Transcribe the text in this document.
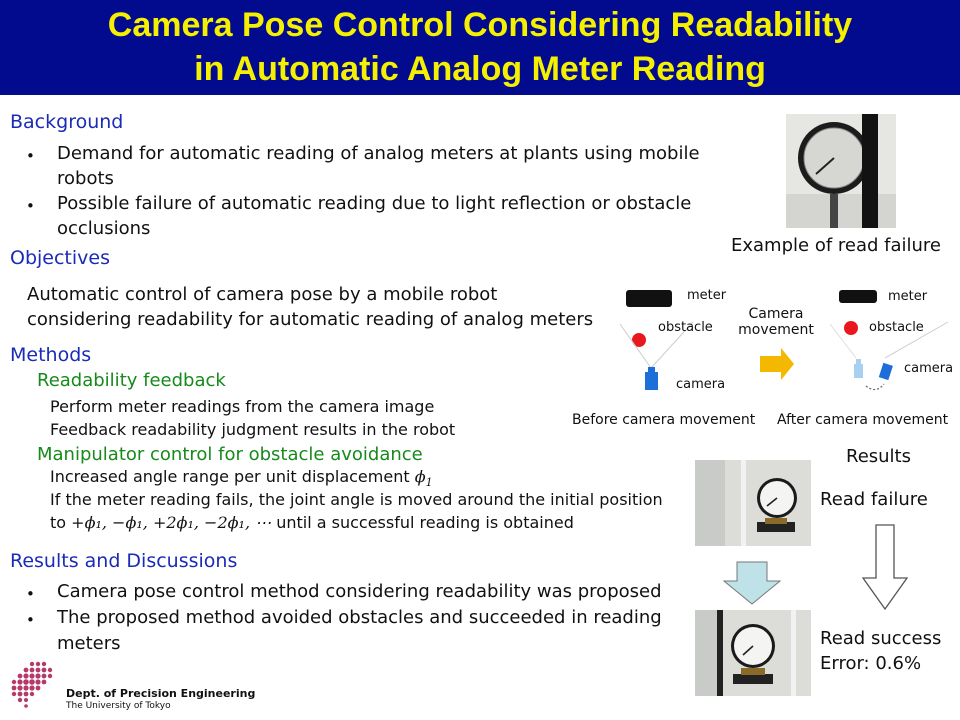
Camera Pose Control Considering Readability
in Automatic Analog Meter Reading
Background
• Demand for automatic reading of analog meters at plants using mobile
robots
• Possible failure of automatic reading due to light reflection or obstacle
occlusions
Objectives
Automatic control of camera pose by a mobile robot
considering readability for automatic reading of analog meters
Methods
Readability feedback
Perform meter readings from the camera image
Feedback readability judgment results in the robot
Manipulator control for obstacle avoidance
Increased angle range per unit displacement $\phi_1$
If the meter reading fails, the joint angle is moved around the initial position
to +ϕ₁, −ϕ₁, +2ϕ₁, −2ϕ₁, ⋯ until a successful reading is obtained
Results and Discussions
• Camera pose control method considering readability was proposed
• The proposed method avoided obstacles and succeeded in reading
meters
Dept. of Precision Engineering
The University of Tokyo
Example of read failure
meter
obstacle
camera
Camera
movement
meter
obstacle
camera
Before camera movement After camera movement
Results
Read failure
Read success
Error: 0.6%
